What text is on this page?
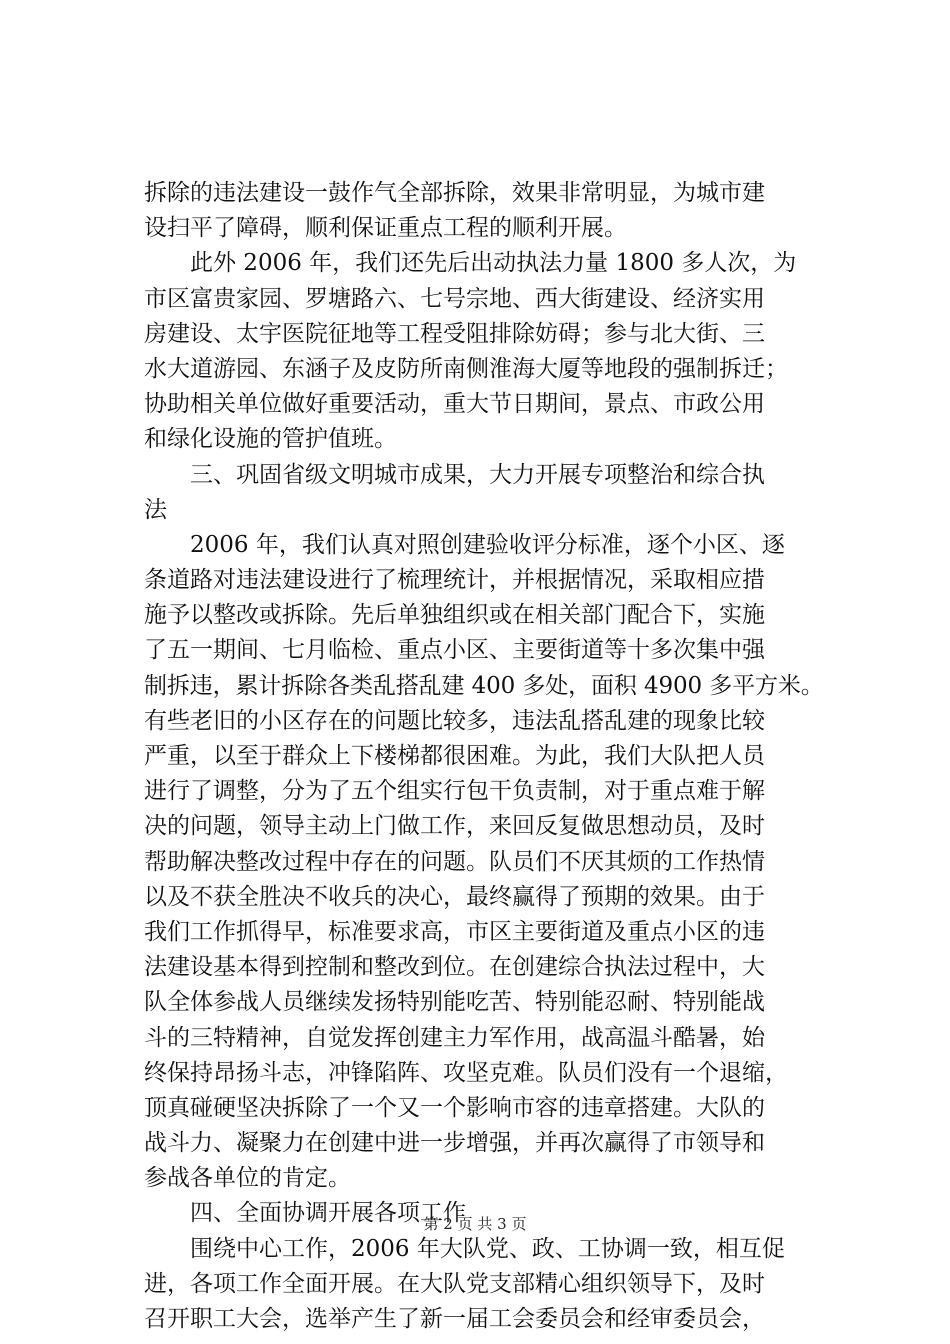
拆除的违法建设一鼓作气全部拆除，效果非常明显，为城市建
设扫平了障碍，顺利保证重点工程的顺利开展。
　　此外 2006 年，我们还先后出动执法力量 1800 多人次，为
市区富贵家园、罗塘路六、七号宗地、西大街建设、经济实用
房建设、太宇医院征地等工程受阻排除妨碍；参与北大街、三
水大道游园、东涵子及皮防所南侧淮海大厦等地段的强制拆迁；
协助相关单位做好重要活动，重大节日期间，景点、市政公用
和绿化设施的管护值班。
　　三、巩固省级文明城市成果，大力开展专项整治和综合执
法
　　2006 年，我们认真对照创建验收评分标准，逐个小区、逐
条道路对违法建设进行了梳理统计，并根据情况，采取相应措
施予以整改或拆除。先后单独组织或在相关部门配合下，实施
了五一期间、七月临检、重点小区、主要街道等十多次集中强
制拆违，累计拆除各类乱搭乱建 400 多处，面积 4900 多平方米。
有些老旧的小区存在的问题比较多，违法乱搭乱建的现象比较
严重，以至于群众上下楼梯都很困难。为此，我们大队把人员
进行了调整，分为了五个组实行包干负责制，对于重点难于解
决的问题，领导主动上门做工作，来回反复做思想动员，及时
帮助解决整改过程中存在的问题。队员们不厌其烦的工作热情
以及不获全胜决不收兵的决心，最终赢得了预期的效果。由于
我们工作抓得早，标准要求高，市区主要街道及重点小区的违
法建设基本得到控制和整改到位。在创建综合执法过程中，大
队全体参战人员继续发扬特别能吃苦、特别能忍耐、特别能战
斗的三特精神，自觉发挥创建主力军作用，战高温斗酷暑，始
终保持昂扬斗志，冲锋陷阵、攻坚克难。队员们没有一个退缩，
顶真碰硬坚决拆除了一个又一个影响市容的违章搭建。大队的
战斗力、凝聚力在创建中进一步增强，并再次赢得了市领导和
参战各单位的肯定。
　　四、全面协调开展各项工作
　　围绕中心工作，2006 年大队党、政、工协调一致，相互促
进，各项工作全面开展。在大队党支部精心组织领导下，及时
召开职工大会，选举产生了新一届工会委员会和经审委员会，
第 2 页 共 3 页
